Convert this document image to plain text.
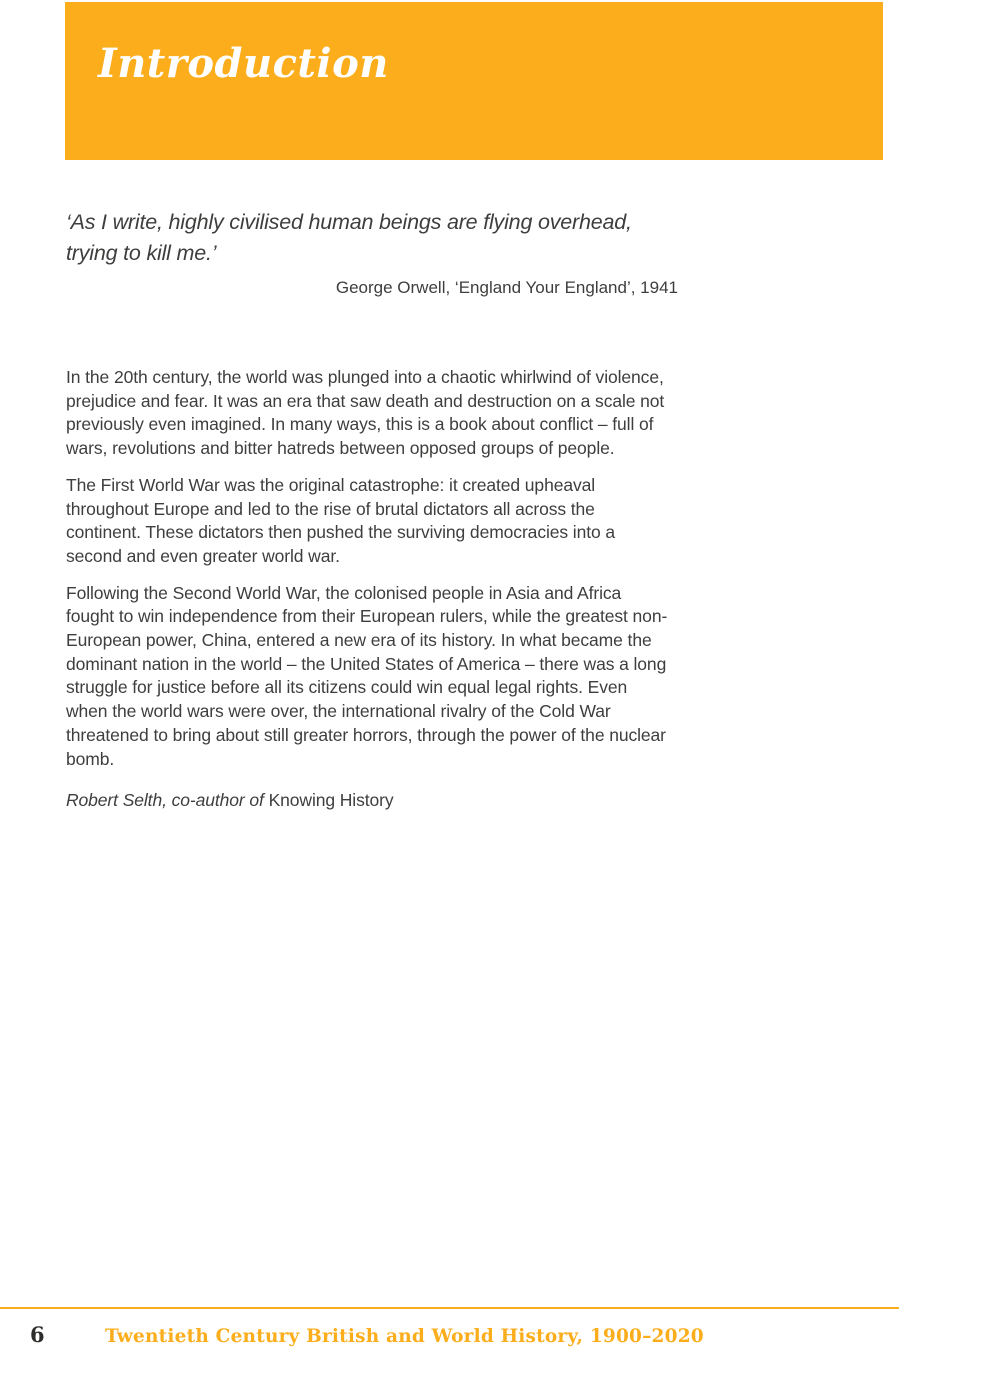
Introduction

‘As I write, highly civilised human beings are flying overhead, trying to kill me.’

George Orwell, ‘England Your England’, 1941

In the 20th century, the world was plunged into a chaotic whirlwind of violence, prejudice and fear. It was an era that saw death and destruction on a scale not previously even imagined. In many ways, this is a book about conflict – full of wars, revolutions and bitter hatreds between opposed groups of people.

The First World War was the original catastrophe: it created upheaval throughout Europe and led to the rise of brutal dictators all across the continent. These dictators then pushed the surviving democracies into a second and even greater world war.

Following the Second World War, the colonised people in Asia and Africa fought to win independence from their European rulers, while the greatest non-European power, China, entered a new era of its history. In what became the dominant nation in the world – the United States of America – there was a long struggle for justice before all its citizens could win equal legal rights. Even when the world wars were over, the international rivalry of the Cold War threatened to bring about still greater horrors, through the power of the nuclear bomb.

Robert Selth, co-author of Knowing History

6	Twentieth Century British and World History, 1900–2020
